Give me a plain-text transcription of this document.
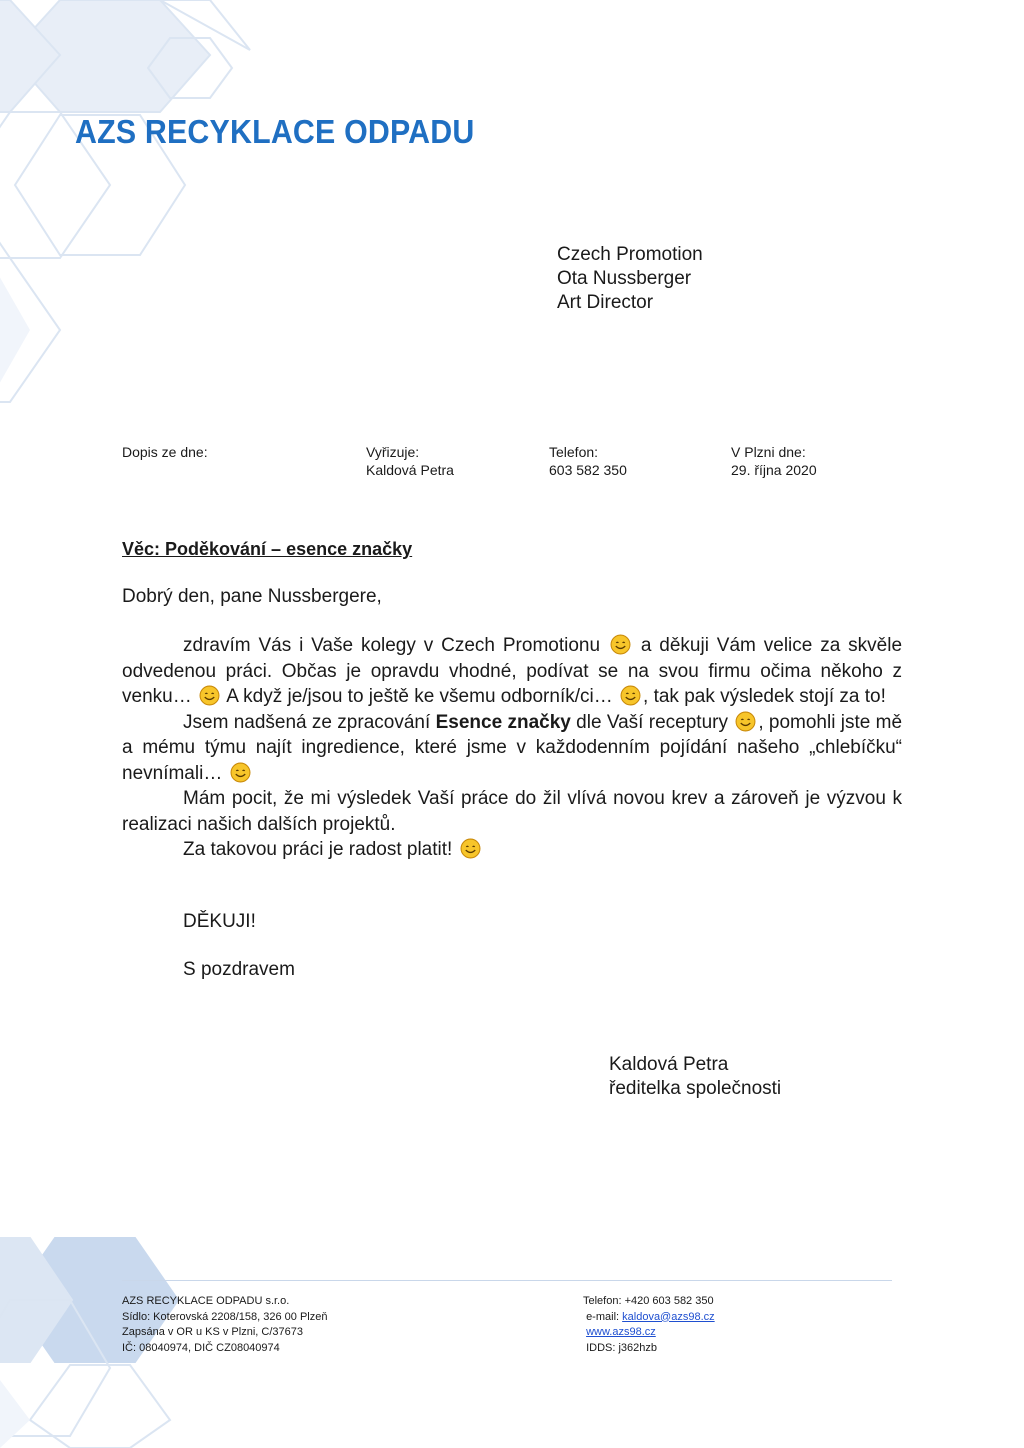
AZS RECYKLACE ODPADU
Czech Promotion
Ota Nussberger
Art Director
Dopis ze dne:	Vyřizuje:
Kaldová Petra
Telefon:
603 582 350
V Plzni dne:
29. října 2020
Věc: Poděkování – esence značky
Dobrý den, pane Nussbergere,

zdravím Vás i Vaše kolegy v Czech Promotionu a děkuji Vám velice za skvěle odvedenou práci. Občas je opravdu vhodné, podívat se na svou firmu očima někoho z venku… A když je/jsou to ještě ke všemu odborník/ci… , tak pak výsledek stojí za to!

Jsem nadšená ze zpracování Esence značky dle Vaší receptury , pomohli jste mě a mému týmu najít ingredience, které jsme v každodenním pojídání našeho „chlebíčku“ nevnímali…

Mám pocit, že mi výsledek Vaší práce do žil vlívá novou krev a zároveň je výzvou k realizaci našich dalších projektů.

Za takovou práci je radost platit!

DĚKUJI!
S pozdravem
Kaldová Petra
ředitelka společnosti
AZS RECYKLACE ODPADU s.r.o.
Sídlo: Koterovská 2208/158, 326 00 Plzeň
Zapsána v OR u KS v Plzni, C/37673
IČ: 08040974, DIČ CZ08040974
Telefon: +420 603 582 350
e-mail: kaldova@azs98.cz
www.azs98.cz
IDDS: j362hzb
